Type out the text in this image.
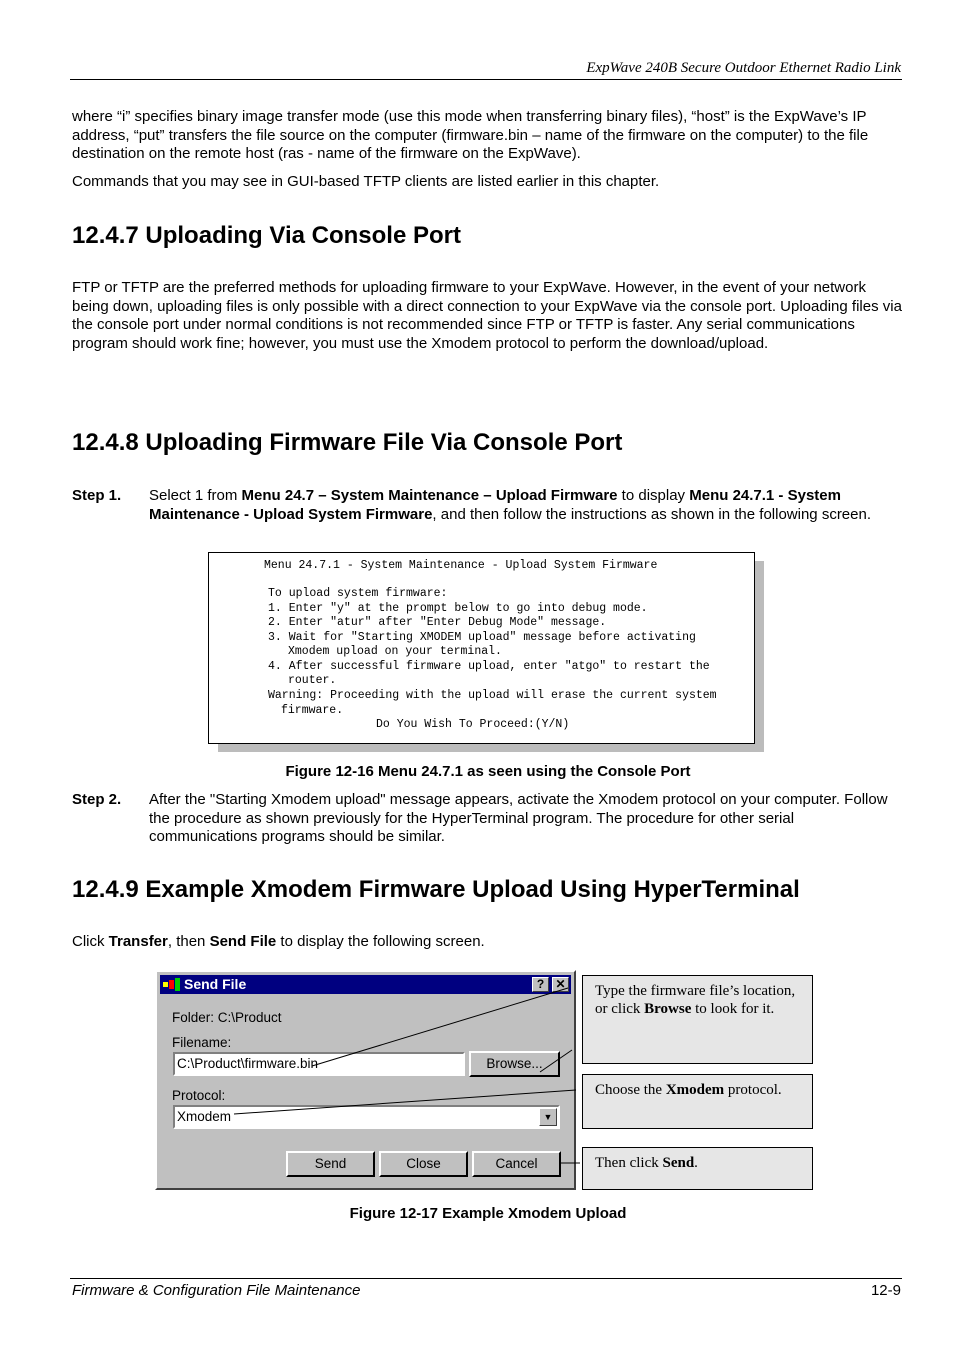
ExpWave 240B Secure Outdoor Ethernet Radio Link
where “i” specifies binary image transfer mode (use this mode when transferring binary files), “host” is the ExpWave’s IP address, “put” transfers the file source on the computer (firmware.bin – name of the firmware on the computer) to the file destination on the remote host (ras - name of the firmware on the ExpWave).
Commands that you may see in GUI-based TFTP clients are listed earlier in this chapter.
12.4.7 Uploading Via Console Port
FTP or TFTP are the preferred methods for uploading firmware to your ExpWave. However, in the event of your network being down, uploading files is only possible with a direct connection to your ExpWave via the console port. Uploading files via the console port under normal conditions is not recommended since FTP or TFTP is faster. Any serial communications program should work fine; however, you must use the Xmodem protocol to perform the download/upload.
12.4.8 Uploading Firmware File Via Console Port
Step 1. Select 1 from Menu 24.7 – System Maintenance – Upload Firmware to display Menu 24.7.1 - System Maintenance - Upload System Firmware, and then follow the instructions as shown in the following screen.
Menu 24.7.1 - System Maintenance - Upload System Firmware
To upload system firmware:
1. Enter "y" at the prompt below to go into debug mode.
2. Enter "atur" after "Enter Debug Mode" message.
3. Wait for "Starting XMODEM upload" message before activating
Xmodem upload on your terminal.
4. After successful firmware upload, enter "atgo" to restart the
router.
Warning: Proceeding with the upload will erase the current system
firmware.
Do You Wish To Proceed:(Y/N)
Figure 12-16 Menu 24.7.1 as seen using the Console Port
Step 2. After the "Starting Xmodem upload" message appears, activate the Xmodem protocol on your computer. Follow the procedure as shown previously for the HyperTerminal program. The procedure for other serial communications programs should be similar.
12.4.9 Example Xmodem Firmware Upload Using HyperTerminal
Click Transfer, then Send File to display the following screen.
Send File	? ✕
Folder: C:\Product
Filename:
C:\Product\firmware.bin	Browse...
Protocol:
Xmodem	▼
Send	Close	Cancel
Type the firmware file’s location, or click Browse to look for it.
Choose the Xmodem protocol.
Then click Send.
Figure 12-17 Example Xmodem Upload
Firmware & Configuration File Maintenance	12-9
